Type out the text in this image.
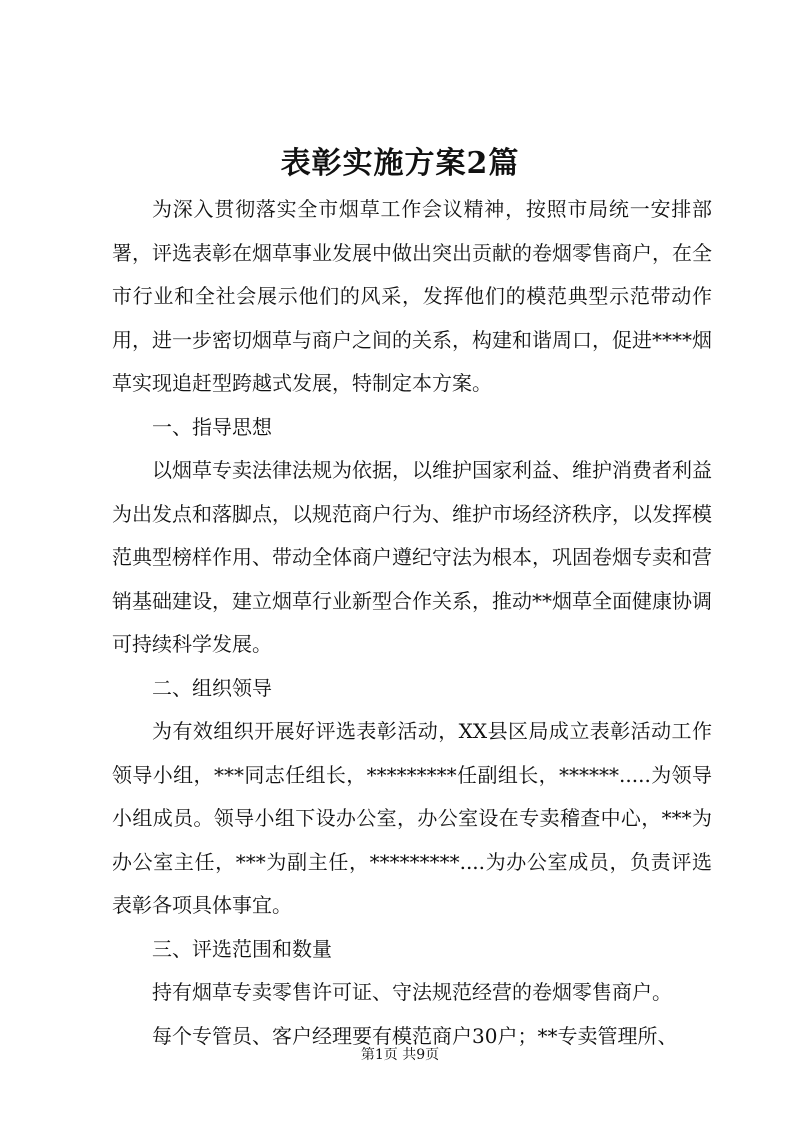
表彰实施方案2篇

为深入贯彻落实全市烟草工作会议精神，按照市局统一安排部署，评选表彰在烟草事业发展中做出突出贡献的卷烟零售商户，在全市行业和全社会展示他们的风采，发挥他们的模范典型示范带动作用，进一步密切烟草与商户之间的关系，构建和谐周口，促进****烟草实现追赶型跨越式发展，特制定本方案。

一、指导思想

以烟草专卖法律法规为依据，以维护国家利益、维护消费者利益为出发点和落脚点，以规范商户行为、维护市场经济秩序，以发挥模范典型榜样作用、带动全体商户遵纪守法为根本，巩固卷烟专卖和营销基础建设，建立烟草行业新型合作关系，推动**烟草全面健康协调可持续科学发展。

二、组织领导

为有效组织开展好评选表彰活动，XX县区局成立表彰活动工作领导小组，***同志任组长，*********任副组长，******.....为领导小组成员。领导小组下设办公室，办公室设在专卖稽查中心，***为办公室主任，***为副主任，*********....为办公室成员，负责评选表彰各项具体事宜。

三、评选范围和数量

持有烟草专卖零售许可证、守法规范经营的卷烟零售商户。

每个专管员、客户经理要有模范商户30户；**专卖管理所、

第1页 共9页
